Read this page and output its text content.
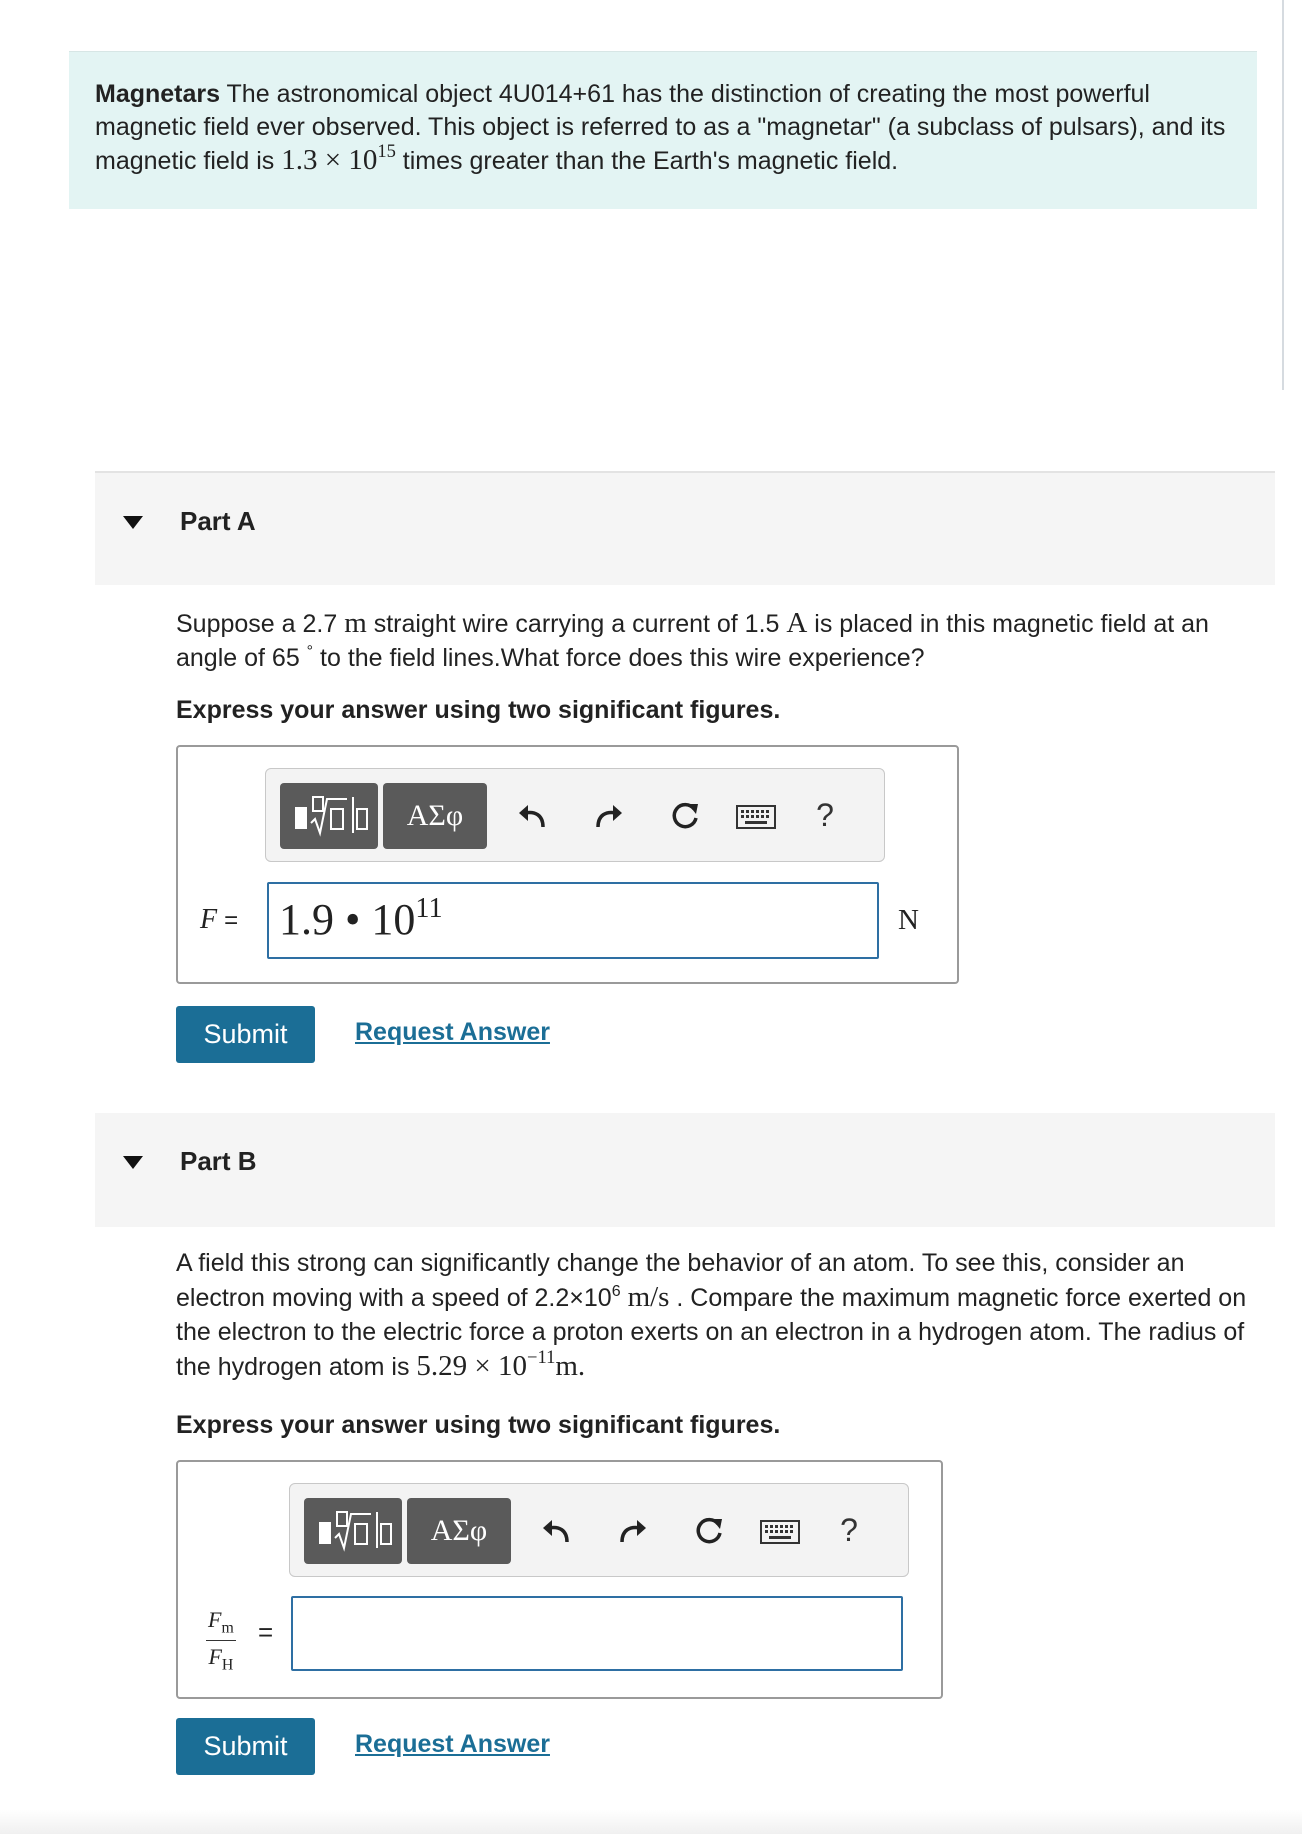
Magnetars The astronomical object 4U014+61 has the distinction of creating the most powerful magnetic field ever observed. This object is referred to as a "magnetar" (a subclass of pulsars), and its magnetic field is $1.3 \times 10^{15}$ times greater than the Earth's magnetic field.
Part A
Suppose a 2.7 m straight wire carrying a current of 1.5 A is placed in this magnetic field at an angle of 65 ° to the field lines.What force does this wire experience?
Express your answer using two significant figures.
ΑΣφ	?
F = 1.9 • $10^{11}$	N
Submit	Request Answer
Part B
A field this strong can significantly change the behavior of an atom. To see this, consider an electron moving with a speed of $2.2\times 10^6$ m/s . Compare the maximum magnetic force exerted on the electron to the electric force a proton exerts on an electron in a hydrogen atom. The radius of the hydrogen atom is $5.29 \times 10^{-11}m$.
Express your answer using two significant figures.
ΑΣφ	?
$\frac{F_m}{F_H}$ =
Submit	Request Answer
